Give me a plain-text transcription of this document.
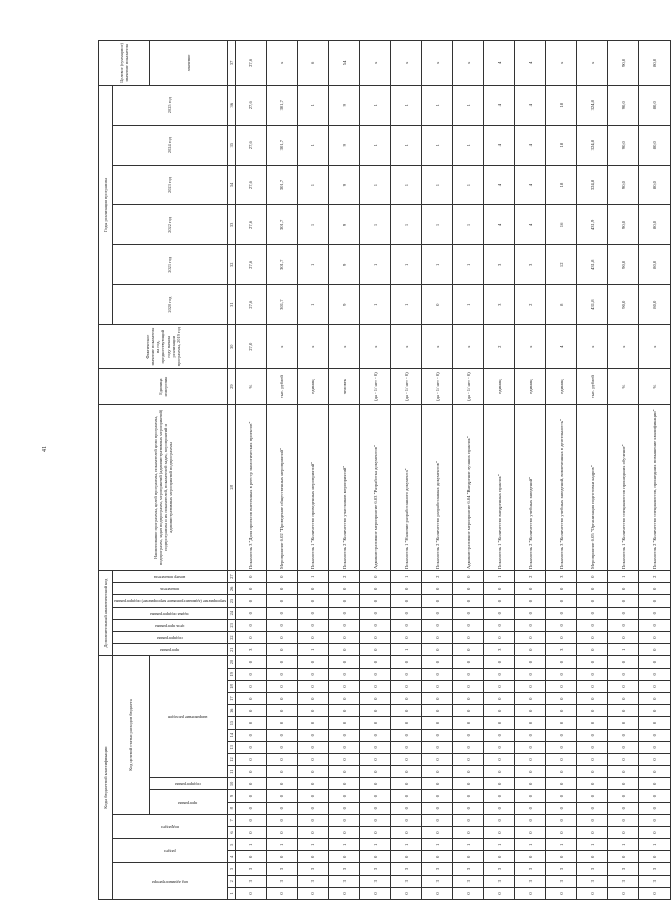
41
Коды бюджетной классификации																				Дополнительный аналитический код							Наименование программы, целей программы, показателей цели программы, подпрограмм, задач подпрограмм, мероприятий (административных мероприятий) подпрограммы и их показателей, показателей задач, мероприятий и административных мероприятий подпрограммы	Единица измерения	Фактическое значение показателя на год, предшествующий году начала реализации программы, 2019 год	Годы реализации программы						Целевое (суммарное) значение показателя
код администратора			раздел		подраздел		Код целевой статьи расходов бюджета													программа	подпрограмма	цель программы	задача подпрограммы	мероприятие (административное мероприятие) подпрограммы	показатель	номер показателя				2020 год	2021 год	2022 год	2023 год	2024 год	2025 год	
							программа		подпрограмма	направление расходов																										значение
1	2	3	4	5	6	7	8	9	10	11	12	13	14	15	16	17	18	19	20	21	22	23	24	25	26	27	28	29	30	31	32	33	34	35	36	37
0	3	3	0	1	0	0	0	0	0	0	0	0	0	0	0	0	0	0	0	3	0	0	0	0	0	0	Показатель 3 "Доля проектов внесенных в реестр экологических проектов"	%	27,0	27,6	27,6	27,6	27,6	27,6	27,6	27,6
0	3	3	0	1	0	0	0	0	0	0	0	0	0	0	0	0	0	0	0	0	0	0	0	0	0	0	Мероприятие 6.02 "Проведение общественных мероприятий"	тыс. рублей	х	301,7	301,7	301,7	301,7	301,7	301,7	х
0	3	3	0	1	0	0	0	0	0	0	0	0	0	0	0	0	0	0	0	1	0	0	0	0	0	1	Показатель 1 "Количество проведенных мероприятий"	единиц	х	1	1	1	1	1	1	6
0	3	3	0	1	0	0	0	0	0	0	0	0	0	0	0	0	0	0	0	0	0	0	0	0	0	2	Показатель 2 "Количество участников мероприятий"	человек	х	9	9	9	9	9	9	54
0	3	3	0	1	0	0	0	0	0	0	0	0	0	0	0	0	0	0	0	0	0	0	0	0	0	0	Административное мероприятие 6.03 "Разработка документов"	(да - 1/ нет - 0)	х	1	1	1	1	1	1	х
0	3	3	0	1	0	0	0	0	0	0	0	0	0	0	0	0	0	0	0	1	0	0	0	0	0	1	Показатель 1 "Наличие разработанного документа"	(да - 1/ нет - 0)	х	1	1	1	1	1	1	х
0	3	3	0	1	0	0	0	0	0	0	0	0	0	0	0	0	0	0	0	0	0	0	0	0	0	2	Показатель 2 "Количество разработанных документов"	(да - 1/ нет - 0)	х	0	1	1	1	1	1	х
0	3	3	0	1	0	0	0	0	0	0	0	0	0	0	0	0	0	0	0	0	0	0	0	0	0	0	Административное мероприятие 6.04 "Внедрение лучших практик"	(да - 1/ нет - 0)	х	1	1	1	1	1	1	х
0	3	3	0	1	0	0	0	0	0	0	0	0	0	0	0	0	0	0	0	3	0	0	0	0	0	1	Показатель 1 "Количество внедренных практик"	единиц	2	3	3	4	4	4	4	4
0	3	3	0	1	0	0	0	0	0	0	0	0	0	0	0	0	0	0	0	0	0	0	0	0	0	2	Показатель 2 "Количество учебных заведений"	единиц	х	2	3	4	4	4	4	4
0	3	3	0	1	0	0	0	0	0	0	0	0	0	0	0	0	0	0	0	3	0	0	0	0	0	3	Показатель 3 "Количество учебных заведений, вовлеченных в деятельность"	единиц	4	8	12	16	18	18	18	х
0	3	3	0	1	0	0	0	0	0	0	0	0	0	0	0	0	0	0	0	0	0	0	0	0	0	0	Мероприятие 6.05 "Организация подготовки кадров"	тыс. рублей	х	431,8	431,8	431,9	324,8	324,8	324,8	х
0	3	3	0	1	0	0	0	0	0	0	0	0	0	0	0	0	0	0	0	1	0	0	0	0	0	1	Показатель 1 "Количество специалистов прошедших обучение"	%	х	90,0	90,0	90,0	90,0	90,0	90,0	90,0
0	3	3	0	1	0	0	0	0	0	0	0	0	0	0	0	0	0	0	0	0	0	0	0	0	0	2	Показатель 2 "Количество специалистов, прошедших повышение квалификации"	%	х	80,0	80,0	80,0	80,0	80,0	80,0	80,0
